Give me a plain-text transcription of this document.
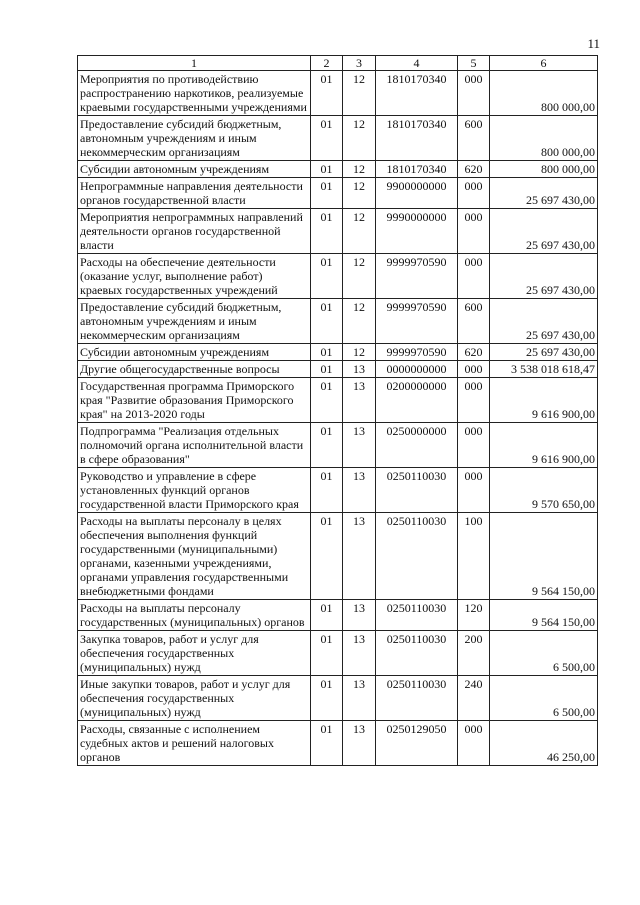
11
1	2	3	4	5	6
Мероприятия по противодействию распространению наркотиков, реализуемые краевыми государственными учреждениями	01	12	1810170340	000	800 000,00
Предоставление субсидий бюджетным, автономным учреждениям и иным некоммерческим организациям	01	12	1810170340	600	800 000,00
Субсидии автономным учреждениям	01	12	1810170340	620	800 000,00
Непрограммные направления деятельности органов государственной власти	01	12	9900000000	000	25 697 430,00
Мероприятия непрограммных направлений деятельности органов государственной власти	01	12	9990000000	000	25 697 430,00
Расходы на обеспечение деятельности (оказание услуг, выполнение работ) краевых государственных учреждений	01	12	9999970590	000	25 697 430,00
Предоставление субсидий бюджетным, автономным учреждениям и иным некоммерческим организациям	01	12	9999970590	600	25 697 430,00
Субсидии автономным учреждениям	01	12	9999970590	620	25 697 430,00
Другие общегосударственные вопросы	01	13	0000000000	000	3 538 018 618,47
Государственная программа Приморского края "Развитие образования Приморского края" на 2013-2020 годы	01	13	0200000000	000	9 616 900,00
Подпрограмма "Реализация отдельных полномочий органа исполнительной власти в сфере образования"	01	13	0250000000	000	9 616 900,00
Руководство и управление в сфере установленных функций органов государственной власти Приморского края	01	13	0250110030	000	9 570 650,00
Расходы на выплаты персоналу в целях обеспечения выполнения функций государственными (муниципальными) органами, казенными учреждениями, органами управления государственными внебюджетными фондами	01	13	0250110030	100	9 564 150,00
Расходы на выплаты персоналу государственных (муниципальных) органов	01	13	0250110030	120	9 564 150,00
Закупка товаров, работ и услуг для обеспечения государственных (муниципальных) нужд	01	13	0250110030	200	6 500,00
Иные закупки товаров, работ и услуг для обеспечения государственных (муниципальных) нужд	01	13	0250110030	240	6 500,00
Расходы, связанные с исполнением судебных актов и решений налоговых органов	01	13	0250129050	000	46 250,00
